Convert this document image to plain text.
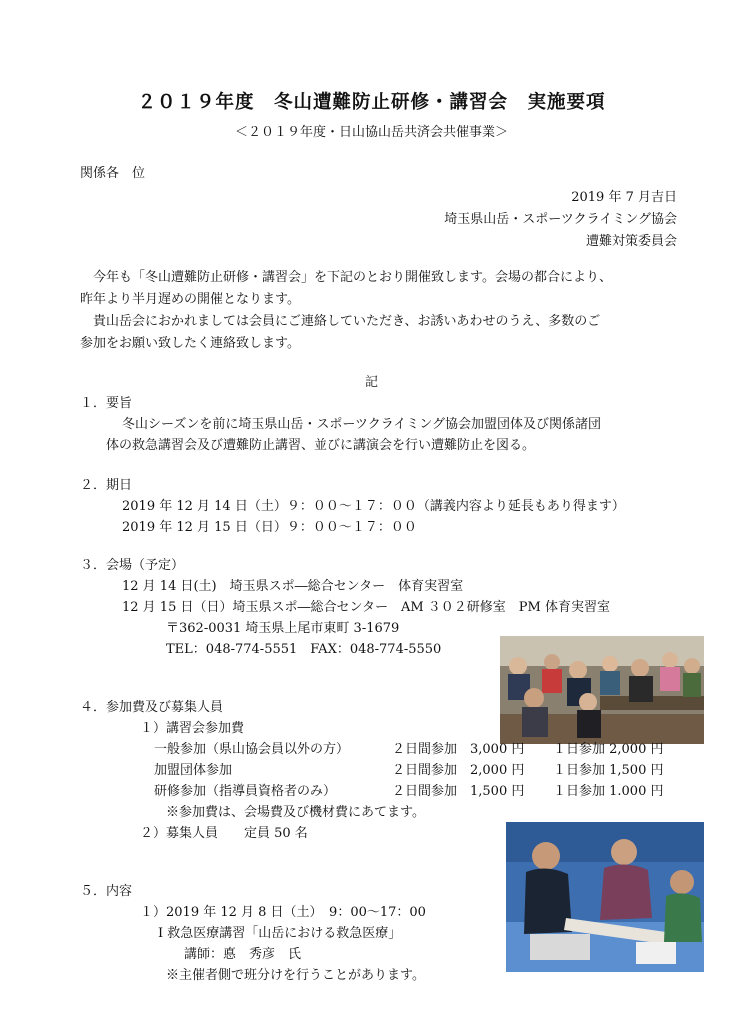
２０１９年度　冬山遭難防止研修・講習会　実施要項
＜２０１９年度・日山協山岳共済会共催事業＞
関係各　位
2019 年 7 月吉日
埼玉県山岳・スポーツクライミング協会
遭難対策委員会
　今年も「冬山遭難防止研修・講習会」を下記のとおり開催致します。会場の都合により、
昨年より半月遅めの開催となります。
　貴山岳会におかれましては会員にご連絡していただき、お誘いあわせのうえ、多数のご
参加をお願い致したく連絡致します。
記
１．要旨
冬山シーズンを前に埼玉県山岳・スポーツクライミング協会加盟団体及び関係諸団
体の救急講習会及び遭難防止講習、並びに講演会を行い遭難防止を図る。
２．期日
2019 年 12 月 14 日（土）９：００～１７：００（講義内容より延長もあり得ます）
2019 年 12 月 15 日（日）９：００～１７：００
３．会場（予定）
12 月 14 日(土)　埼玉県スポ―総合センター　体育実習室
12 月 15 日（日）埼玉県スポ―総合センター　AM ３０２研修室　PM 体育実習室
〒362-0031 埼玉県上尾市東町 3-1679
TEL：048-774-5551　FAX：048-774-5550
４．参加費及び募集人員
１）講習会参加費
一般参加（県山協会員以外の方）	２日間参加　3,000 円 １日参加 2,000 円
加盟団体参加	２日間参加　2,000 円 １日参加 1,500 円
研修参加（指導員資格者のみ）	２日間参加　1,500 円 １日参加 1.000 円
※参加費は、会場費及び機材費にあてます。
２）募集人員　　定員 50 名
５．内容
１）2019 年 12 月 8 日（土）　9：00～17：00
Ⅰ 救急医療講習「山岳における救急医療」
講師：悳　秀彦　氏
※主催者側で班分けを行うことがあります。
